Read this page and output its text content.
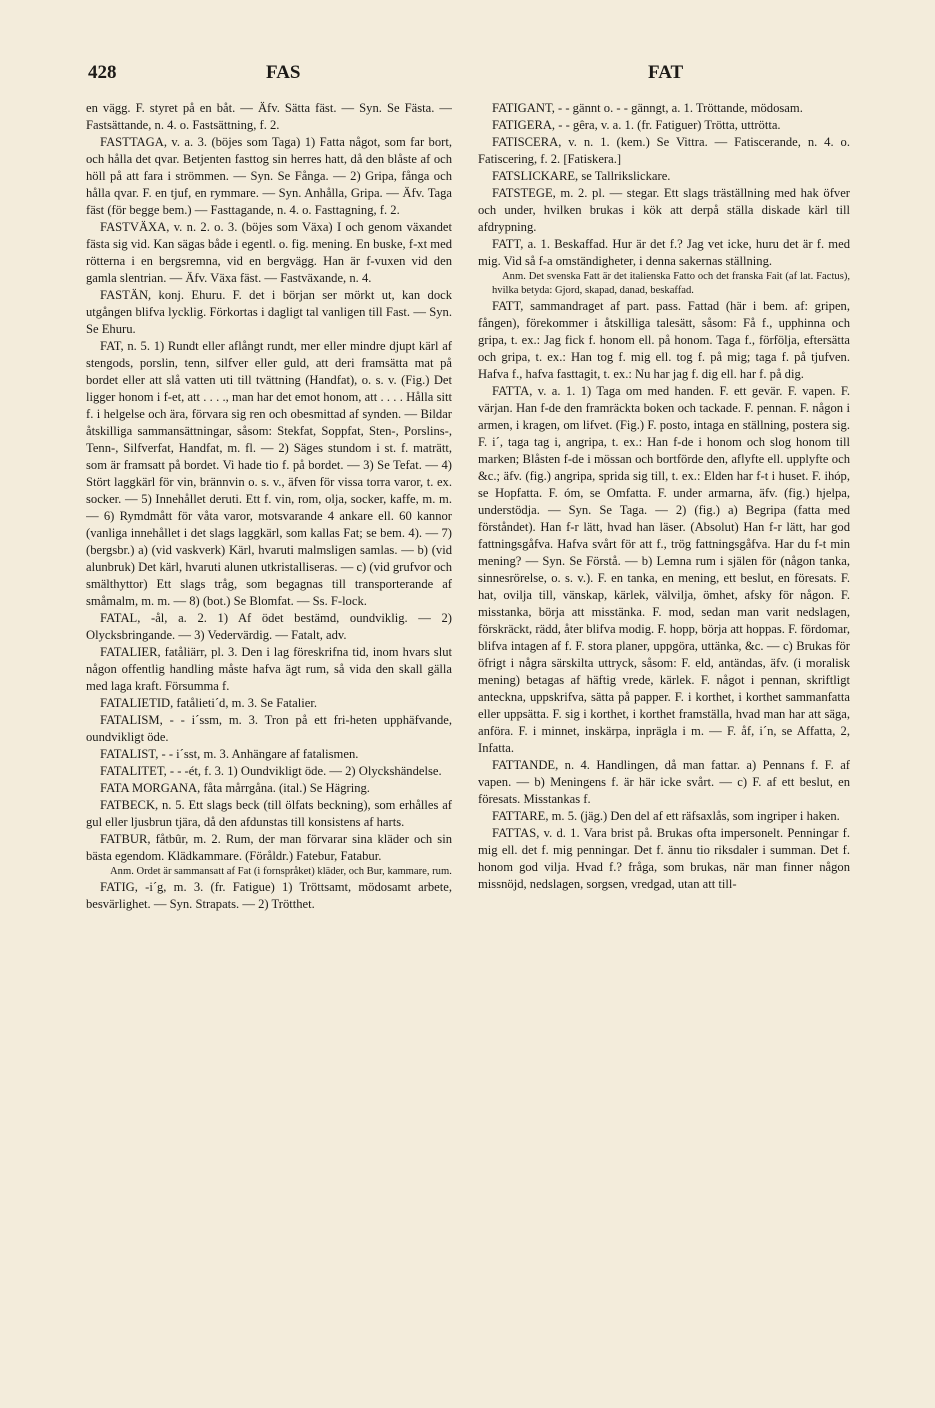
428	FAS	FAT

en vägg. F. styret på en båt. — Äfv. Sätta fäst. — Syn. Se Fästa. — Fastsättande, n. 4. o. Fastsättning, f. 2.

FASTTAGA, v. a. 3. (böjes som Taga) 1) Fatta något, som far bort, och hålla det qvar. Betjenten fasttog sin herres hatt, då den blåste af och höll på att fara i strömmen. — Syn. Se Fånga. — 2) Gripa, fånga och hålla qvar. F. en tjuf, en rymmare. — Syn. Anhålla, Gripa. — Äfv. Taga fäst (för begge bem.) — Fasttagande, n. 4. o. Fasttagning, f. 2.

FASTVÄXA, v. n. 2. o. 3. (böjes som Växa) I och genom växandet fästa sig vid. Kan sägas både i egentl. o. fig. mening. En buske, f-xt med rötterna i en bergsremna, vid en bergvägg. Han är f-vuxen vid den gamla slentrian. — Äfv. Växa fäst. — Fastväxande, n. 4.

FASTÄN, konj. Ehuru. F. det i början ser mörkt ut, kan dock utgången blifva lycklig. Förkortas i dagligt tal vanligen till Fast. — Syn. Se Ehuru.

FAT, n. 5. 1) Rundt eller aflångt rundt, mer eller mindre djupt kärl af stengods, porslin, tenn, silfver eller guld, att deri framsätta mat på bordet eller att slå vatten uti till tvättning (Handfat), o. s. v. (Fig.) Det ligger honom i f-et, att . . . ., man har det emot honom, att . . . . Hålla sitt f. i helgelse och ära, förvara sig ren och obesmittad af synden. — Bildar åtskilliga sammansättningar, såsom: Stekfat, Soppfat, Sten-, Porslins-, Tenn-, Silfverfat, Handfat, m. fl. — 2) Säges stundom i st. f. maträtt, som är framsatt på bordet. Vi hade tio f. på bordet. — 3) Se Tefat. — 4) Stört laggkärl för vin, brännvin o. s. v., äfven för vissa torra varor, t. ex. socker. — 5) Innehållet deruti. Ett f. vin, rom, olja, socker, kaffe, m. m. — 6) Rymdmått för våta varor, motsvarande 4 ankare ell. 60 kannor (vanliga innehållet i det slags laggkärl, som kallas Fat; se bem. 4). — 7) (bergsbr.) a) (vid vaskverk) Kärl, hvaruti malmsligen samlas. — b) (vid alunbruk) Det kärl, hvaruti alunen utkristalliseras. — c) (vid grufvor och smälthyttor) Ett slags tråg, som begagnas till transporterande af småmalm, m. m. — 8) (bot.) Se Blomfat. — Ss. F-lock.

FATAL, -ål, a. 2. 1) Af ödet bestämd, oundviklig. — 2) Olycksbringande. — 3) Vedervärdig. — Fatalt, adv.

FATALIER, fatåliärr, pl. 3. Den i lag föreskrifna tid, inom hvars slut någon offentlig handling måste hafva ägt rum, så vida den skall gälla med laga kraft. Försumma f.

FATALIETID, fatålieti´d, m. 3. Se Fatalier.

FATALISM, - - i´ssm, m. 3. Tron på ett fri-heten upphäfvande, oundvikligt öde.

FATALIST, - - i´sst, m. 3. Anhängare af fatalismen.

FATALITET, - - -ét, f. 3. 1) Oundvikligt öde. — 2) Olyckshändelse.

FATA MORGANA, fåta mårrgåna. (ital.) Se Hägring.

FATBECK, n. 5. Ett slags beck (till ölfats beckning), som erhålles af gul eller ljusbrun tjära, då den afdunstas till konsistens af harts.

FATBUR, fåtbûr, m. 2. Rum, der man förvarar sina kläder och sin bästa egendom. Klädkammare. (Föråldr.) Fatebur, Fatabur.

Anm. Ordet är sammansatt af Fat (i fornspråket) kläder, och Bur, kammare, rum.

FATIG, -i´g, m. 3. (fr. Fatigue) 1) Tröttsamt, mödosamt arbete, besvärlighet. — Syn. Strapats. — 2) Trötthet.

FATIGANT, - - gännt o. - - gänngt, a. 1. Tröttande, mödosam.

FATIGERA, - - gêra, v. a. 1. (fr. Fatiguer) Trötta, uttrötta.

FATISCERA, v. n. 1. (kem.) Se Vittra. — Fatiscerande, n. 4. o. Fatiscering, f. 2. [Fatiskera.]

FATSLICKARE, se Tallrikslickare.

FATSTEGE, m. 2. pl. — stegar. Ett slags träställning med hak öfver och under, hvilken brukas i kök att derpå ställa diskade kärl till afdrypning.

FATT, a. 1. Beskaffad. Hur är det f.? Jag vet icke, huru det är f. med mig. Vid så f-a omständigheter, i denna sakernas ställning.

Anm. Det svenska Fatt är det italienska Fatto och det franska Fait (af lat. Factus), hvilka betyda: Gjord, skapad, danad, beskaffad.

FATT, sammandraget af part. pass. Fattad (här i bem. af: gripen, fången), förekommer i åtskilliga talesätt, såsom: Få f., upphinna och gripa, t. ex.: Jag fick f. honom ell. på honom. Taga f., förfölja, eftersätta och gripa, t. ex.: Han tog f. mig ell. tog f. på mig; taga f. på tjufven. Hafva f., hafva fasttagit, t. ex.: Nu har jag f. dig ell. har f. på dig.

FATTA, v. a. 1. 1) Taga om med handen. F. ett gevär. F. vapen. F. värjan. Han f-de den framräckta boken och tackade. F. pennan. F. någon i armen, i kragen, om lifvet. (Fig.) F. posto, intaga en ställning, postera sig. F. i´, taga tag i, angripa, t. ex.: Han f-de i honom och slog honom till marken; Blåsten f-de i mössan och bortförde den, aflyfte ell. upplyfte och &c.; äfv. (fig.) angripa, sprida sig till, t. ex.: Elden har f-t i huset. F. ihóp, se Hopfatta. F. óm, se Omfatta. F. under armarna, äfv. (fig.) hjelpa, understödja. — Syn. Se Taga. — 2) (fig.) a) Begripa (fatta med förståndet). Han f-r lätt, hvad han läser. (Absolut) Han f-r lätt, har god fattningsgåfva. Hafva svårt för att f., trög fattningsgåfva. Har du f-t min mening? — Syn. Se Förstå. — b) Lemna rum i själen för (någon tanka, sinnesrörelse, o. s. v.). F. en tanka, en mening, ett beslut, en föresats. F. hat, ovilja till, vänskap, kärlek, välvilja, ömhet, afsky för någon. F. misstanka, börja att misstänka. F. mod, sedan man varit nedslagen, förskräckt, rädd, åter blifva modig. F. hopp, börja att hoppas. F. fördomar, blifva intagen af f. F. stora planer, uppgöra, uttänka, &c. — c) Brukas för öfrigt i några särskilta uttryck, såsom: F. eld, antändas, äfv. (i moralisk mening) betagas af häftig vrede, kärlek. F. något i pennan, skriftligt anteckna, uppskrifva, sätta på papper. F. i korthet, i korthet sammanfatta eller uppsätta. F. sig i korthet, i korthet framställa, hvad man har att säga, anföra. F. i minnet, inskärpa, inprägla i m. — F. åf, i´n, se Affatta, 2, Infatta.

FATTANDE, n. 4. Handlingen, då man fattar. a) Pennans f. F. af vapen. — b) Meningens f. är här icke svårt. — c) F. af ett beslut, en föresats. Misstankas f.

FATTARE, m. 5. (jäg.) Den del af ett räfsaxlås, som ingriper i haken.

FATTAS, v. d. 1. Vara brist på. Brukas ofta impersonelt. Penningar f. mig ell. det f. mig penningar. Det f. ännu tio riksdaler i summan. Det f. honom god vilja. Hvad f.? fråga, som brukas, när man finner någon missnöjd, nedslagen, sorgsen, vredgad, utan att till-
